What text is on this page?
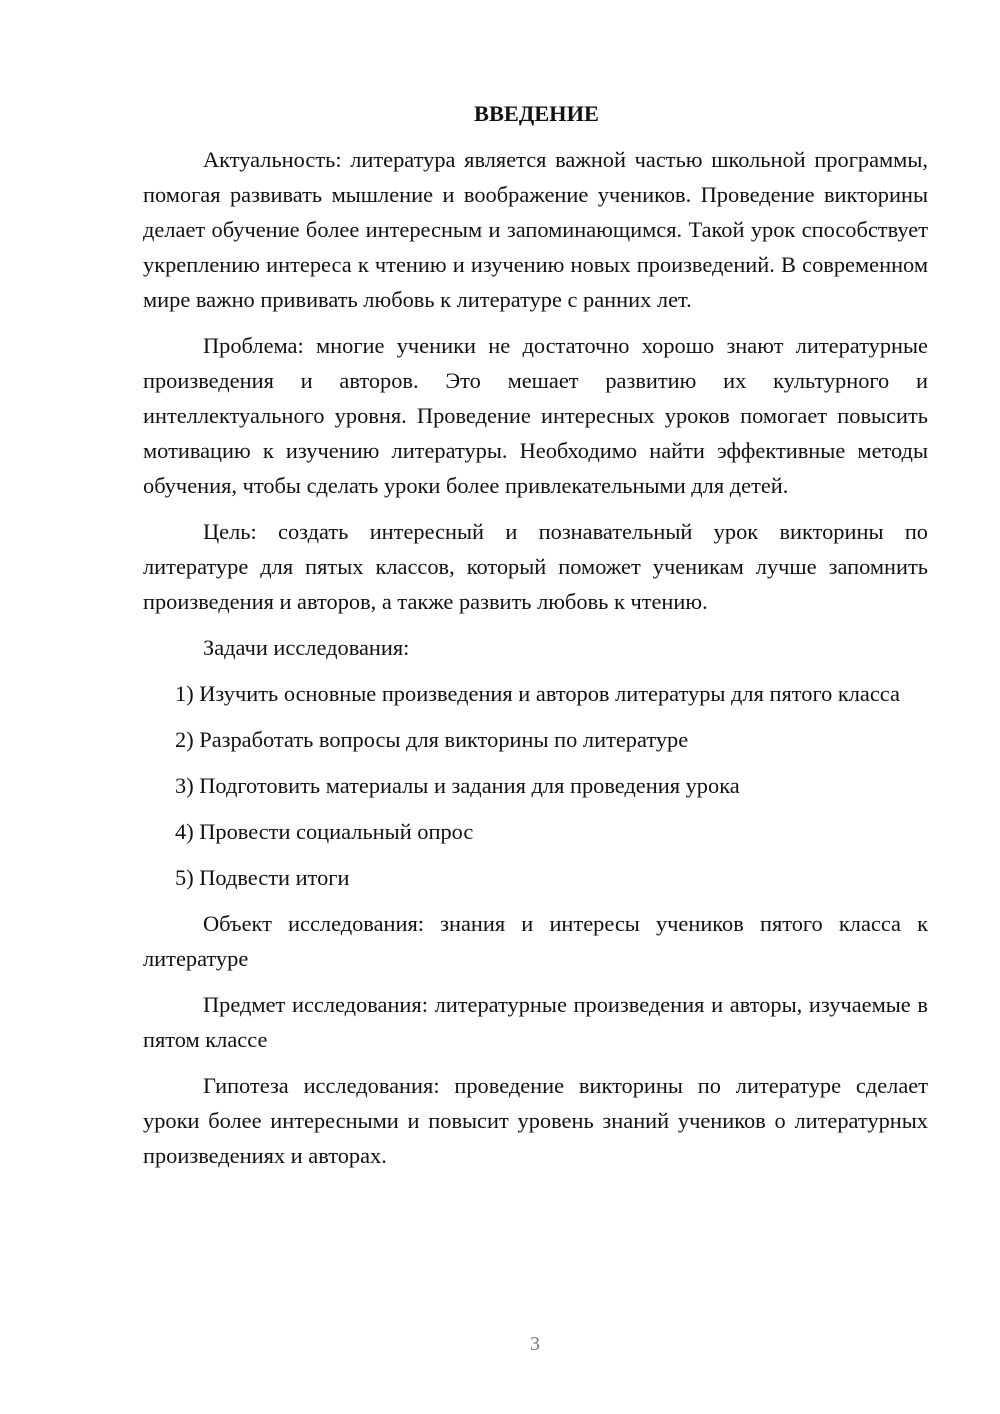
ВВЕДЕНИЕ

Актуальность: литература является важной частью школьной программы, помогая развивать мышление и воображение учеников. Проведение викторины делает обучение более интересным и запоминающимся. Такой урок способствует укреплению интереса к чтению и изучению новых произведений. В современном мире важно прививать любовь к литературе с ранних лет.

Проблема: многие ученики не достаточно хорошо знают литературные произведения и авторов. Это мешает развитию их культурного и интеллектуального уровня. Проведение интересных уроков помогает повысить мотивацию к изучению литературы. Необходимо найти эффективные методы обучения, чтобы сделать уроки более привлекательными для детей.

Цель: создать интересный и познавательный урок викторины по литературе для пятых классов, который поможет ученикам лучше запомнить произведения и авторов, а также развить любовь к чтению.

Задачи исследования:

1) Изучить основные произведения и авторов литературы для пятого класса

2) Разработать вопросы для викторины по литературе

3) Подготовить материалы и задания для проведения урока

4) Провести социальный опрос

5) Подвести итоги

Объект исследования: знания и интересы учеников пятого класса к литературе

Предмет исследования: литературные произведения и авторы, изучаемые в пятом классе

Гипотеза исследования: проведение викторины по литературе сделает уроки более интересными и повысит уровень знаний учеников о литературных произведениях и авторах.

3
